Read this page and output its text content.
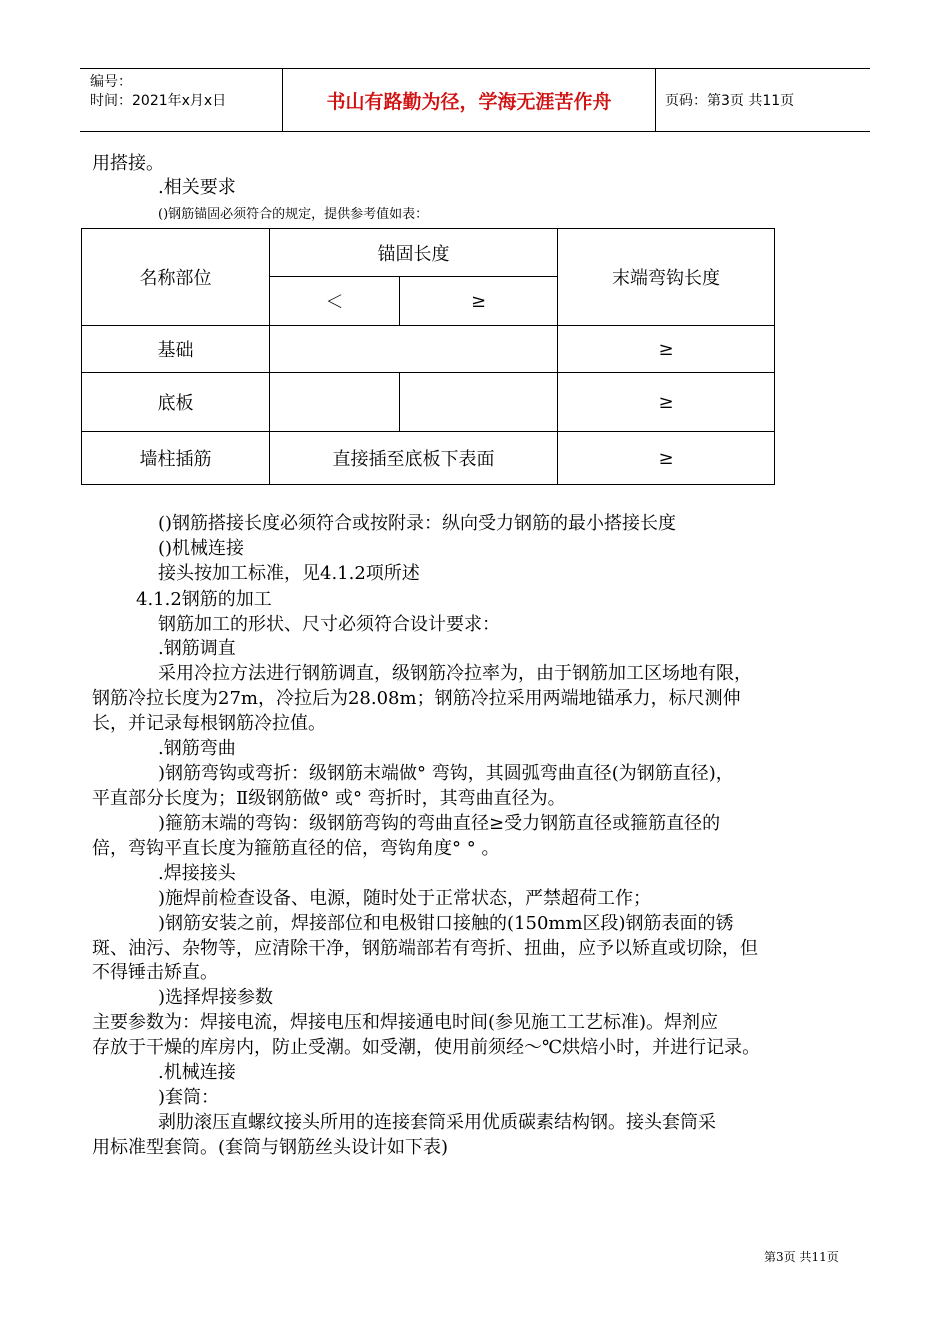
编号：
时间：2021年x月x日	书山有路勤为径，学海无涯苦作舟	页码：第3页 共11页
用搭接。
.相关要求
()钢筋锚固必须符合的规定，提供参考值如表：
名称部位	锚固长度		末端弯钩长度
	＜	≥	
基础			≥
底板			≥
墙柱插筋	直接插至底板下表面		≥
()钢筋搭接长度必须符合或按附录：纵向受力钢筋的最小搭接长度
()机械连接
接头按加工标准，见4.1.2项所述
4.1.2钢筋的加工
钢筋加工的形状、尺寸必须符合设计要求：
.钢筋调直
采用冷拉方法进行钢筋调直，级钢筋冷拉率为，由于钢筋加工区场地有限，
钢筋冷拉长度为27m，冷拉后为28.08m；钢筋冷拉采用两端地锚承力，标尺测伸
长，并记录每根钢筋冷拉值。
.钢筋弯曲
)钢筋弯钩或弯折：级钢筋末端做° 弯钩，其圆弧弯曲直径(为钢筋直径)，
平直部分长度为；Ⅱ级钢筋做° 或° 弯折时，其弯曲直径为。
)箍筋末端的弯钩：级钢筋弯钩的弯曲直径≥受力钢筋直径或箍筋直径的
倍，弯钩平直长度为箍筋直径的倍，弯钩角度° ° 。
.焊接接头
)施焊前检查设备、电源，随时处于正常状态，严禁超荷工作；
)钢筋安装之前，焊接部位和电极钳口接触的(150mm区段)钢筋表面的锈
斑、油污、杂物等，应清除干净，钢筋端部若有弯折、扭曲，应予以矫直或切除，但
不得锤击矫直。
)选择焊接参数
主要参数为：焊接电流，焊接电压和焊接通电时间(参见施工工艺标准)。焊剂应
存放于干燥的库房内，防止受潮。如受潮，使用前须经～℃烘焙小时，并进行记录。
.机械连接
)套筒：
剥肋滚压直螺纹接头所用的连接套筒采用优质碳素结构钢。接头套筒采
用标准型套筒。(套筒与钢筋丝头设计如下表)
第3页 共11页
